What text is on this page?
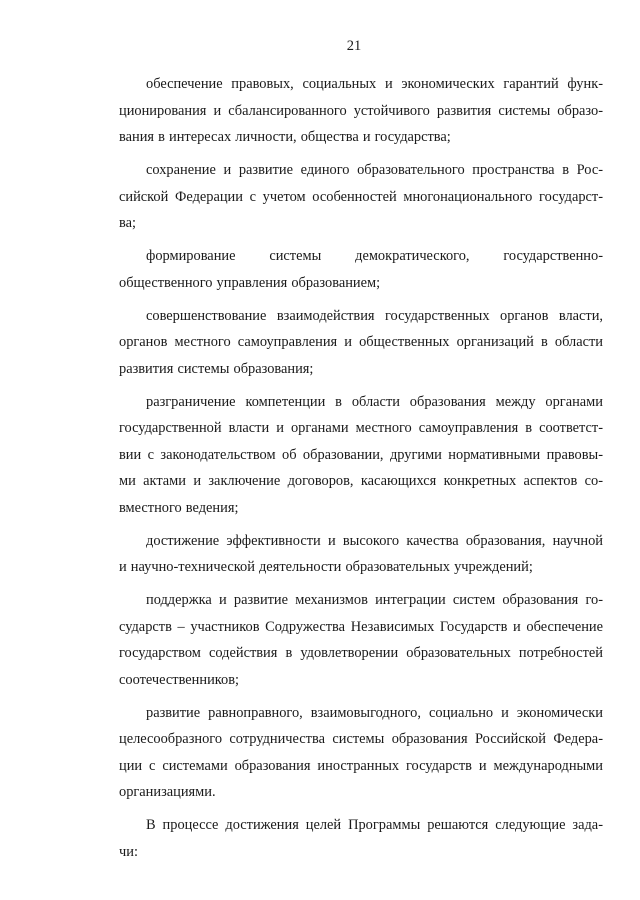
21
обеспечение правовых, социальных и экономических гарантий функ-
ционирования и сбалансированного устойчивого развития системы образо-
вания в интересах личности, общества и государства;
сохранение и развитие единого образовательного пространства в Рос-
сийской Федерации с учетом особенностей многонационального государст-
ва;
формирование системы демократического, государственно-
общественного управления образованием;
совершенствование взаимодействия государственных органов власти,
органов местного самоуправления и общественных организаций в области
развития системы образования;
разграничение компетенции в области образования между органами
государственной власти и органами местного самоуправления в соответст-
вии с законодательством об образовании, другими нормативными правовы-
ми актами и заключение договоров, касающихся конкретных аспектов со-
вместного ведения;
достижение эффективности и высокого качества образования, научной
и научно-технической деятельности образовательных учреждений;
поддержка и развитие механизмов интеграции систем образования го-
сударств – участников Содружества Независимых Государств и обеспечение
государством содействия в удовлетворении образовательных потребностей
соотечественников;
развитие равноправного, взаимовыгодного, социально и экономически
целесообразного сотрудничества системы образования Российской Федера-
ции с системами образования иностранных государств и международными
организациями.
В процессе достижения целей Программы решаются следующие зада-
чи:
